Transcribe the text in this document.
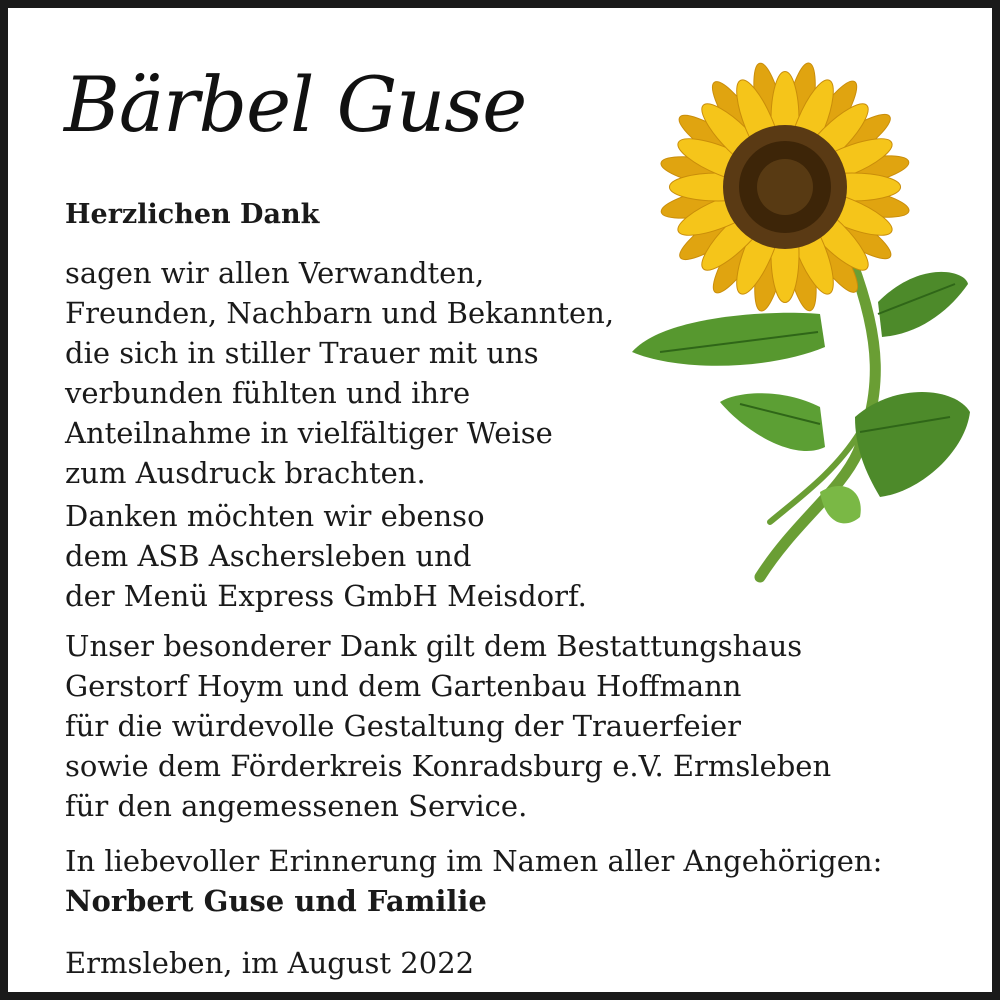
Bärbel Guse
Herzlichen Dank
sagen wir allen Verwandten,
Freunden, Nachbarn und Bekannten,
die sich in stiller Trauer mit uns
verbunden fühlten und ihre
Anteilnahme in vielfältiger Weise
zum Ausdruck brachten.
Danken möchten wir ebenso
dem ASB Aschersleben und
der Menü Express GmbH Meisdorf.
Unser besonderer Dank gilt dem Bestattungshaus
Gerstorf Hoym und dem Gartenbau Hoffmann
für die würdevolle Gestaltung der Trauerfeier
sowie dem Förderkreis Konradsburg e.V. Ermsleben
für den angemessenen Service.
In liebevoller Erinnerung im Namen aller Angehörigen:
Norbert Guse und Familie
Ermsleben, im August 2022
